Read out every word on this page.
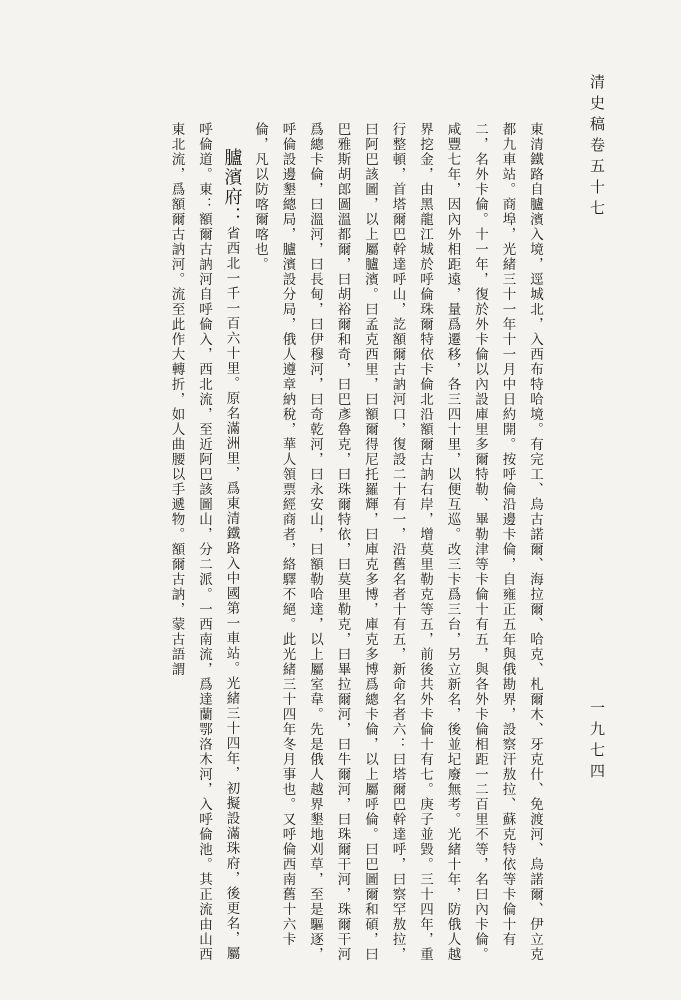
清史稿卷五十七
東清鐵路自臚濱入境，逕城北，入西布特哈境。有完工、烏古諾爾、海拉爾、哈克、札爾木、牙克什、免渡河、烏諾爾、伊立克都九車站。商埠，光緒三十一年十一月中日約開。按呼倫沿邊卡倫，自雍正五年與俄勘界，設察汗敖拉、蘇克特依等卡倫十有二，名外卡倫。十一年，復於外卡倫以內設庫里多爾特勒、畢勒津等卡倫十有五，與各外卡倫相距一二百里不等，名曰內卡倫。咸豐七年，因內外相距遠，量爲遷移，各三四十里，以便互巡。改三卡爲三台，另立新名，後並圮廢無考。光緒十年，防俄人越界挖金，由黑龍江城於呼倫珠爾特依卡倫北沿額爾古訥右岸，增莫里勒克等五，前後共外卡倫十有七。庚子並毀。三十四年，重行整頓，首塔爾巴幹達呼山，訖額爾古訥河口，復設二十有一，沿舊名者十有五，新命名者六：曰塔爾巴幹達呼，曰察罕敖拉，曰阿巴該圖，以上屬臚濱。曰孟克西里，曰額爾得尼托羅輝，曰庫克多博，庫克多博爲總卡倫，以上屬呼倫。曰巴圖爾和碩，曰巴雅斯胡郎圖溫都爾，曰胡裕爾和奇，曰巴彥魯克，曰珠爾特依，曰莫里勒克，曰畢拉爾河，曰牛爾河，曰珠爾干河，珠爾干河爲總卡倫，曰溫河，曰長甸，曰伊穆河，曰奇乾河，曰永安山，曰額勒哈達，以上屬室韋。先是俄人越界墾地刈草，至是驅逐，呼倫設邊墾總局，臚濱設分局，俄人遵章納稅，華人領票經商者，絡驛不絕。此光緒三十四年冬月事也。又呼倫西南舊十六卡倫，凡以防喀爾喀也。
臚濱府：省西北一千一百六十里。原名滿洲里，爲東清鐵路入中國第一車站。光緒三十四年，初擬設滿珠府，後更名，屬呼倫道。東：額爾古訥河自呼倫入，西北流，至近阿巴該圖山，分二派。一西南流，爲達蘭鄂洛木河，入呼倫池。其正流由山西東北流，爲額爾古訥河。流至此作大轉折，如人曲腰以手遞物。額爾古訥，蒙古語謂
一九七四
